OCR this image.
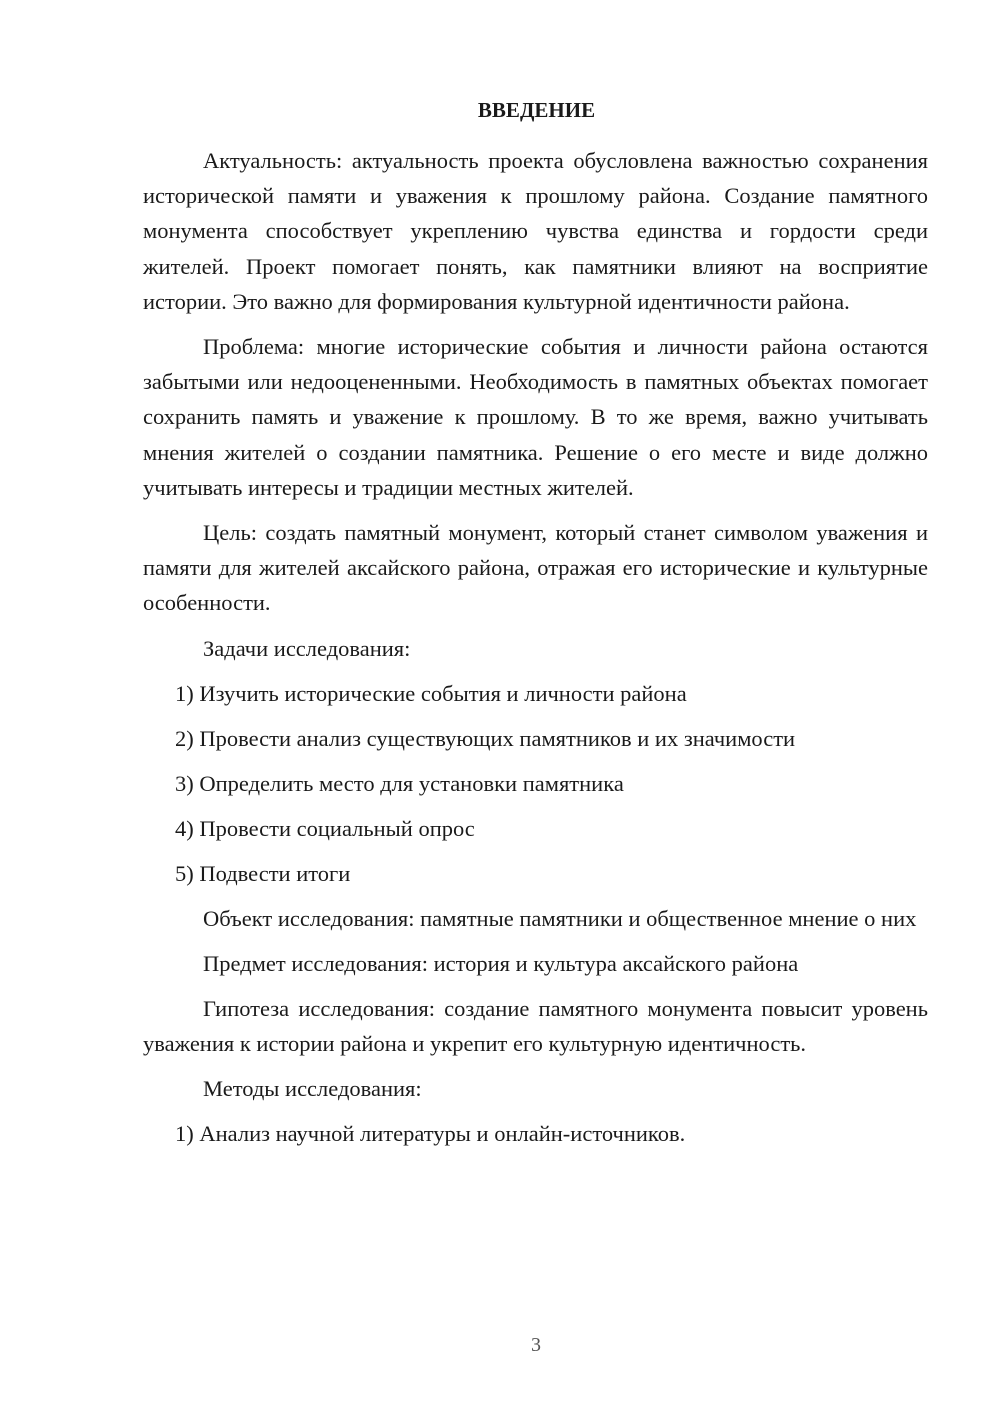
ВВЕДЕНИЕ
Актуальность: актуальность проекта обусловлена важностью сохранения исторической памяти и уважения к прошлому района. Создание памятного монумента способствует укреплению чувства единства и гордости среди жителей. Проект помогает понять, как памятники влияют на восприятие истории. Это важно для формирования культурной идентичности района.
Проблема: многие исторические события и личности района остаются забытыми или недооцененными. Необходимость в памятных объектах помогает сохранить память и уважение к прошлому. В то же время, важно учитывать мнения жителей о создании памятника. Решение о его месте и виде должно учитывать интересы и традиции местных жителей.
Цель: создать памятный монумент, который станет символом уважения и памяти для жителей аксайского района, отражая его исторические и культурные особенности.
Задачи исследования:
1) Изучить исторические события и личности района
2) Провести анализ существующих памятников и их значимости
3) Определить место для установки памятника
4) Провести социальный опрос
5) Подвести итоги
Объект исследования: памятные памятники и общественное мнение о них
Предмет исследования: история и культура аксайского района
Гипотеза исследования: создание памятного монумента повысит уровень уважения к истории района и укрепит его культурную идентичность.
Методы исследования:
1) Анализ научной литературы и онлайн-источников.
3
